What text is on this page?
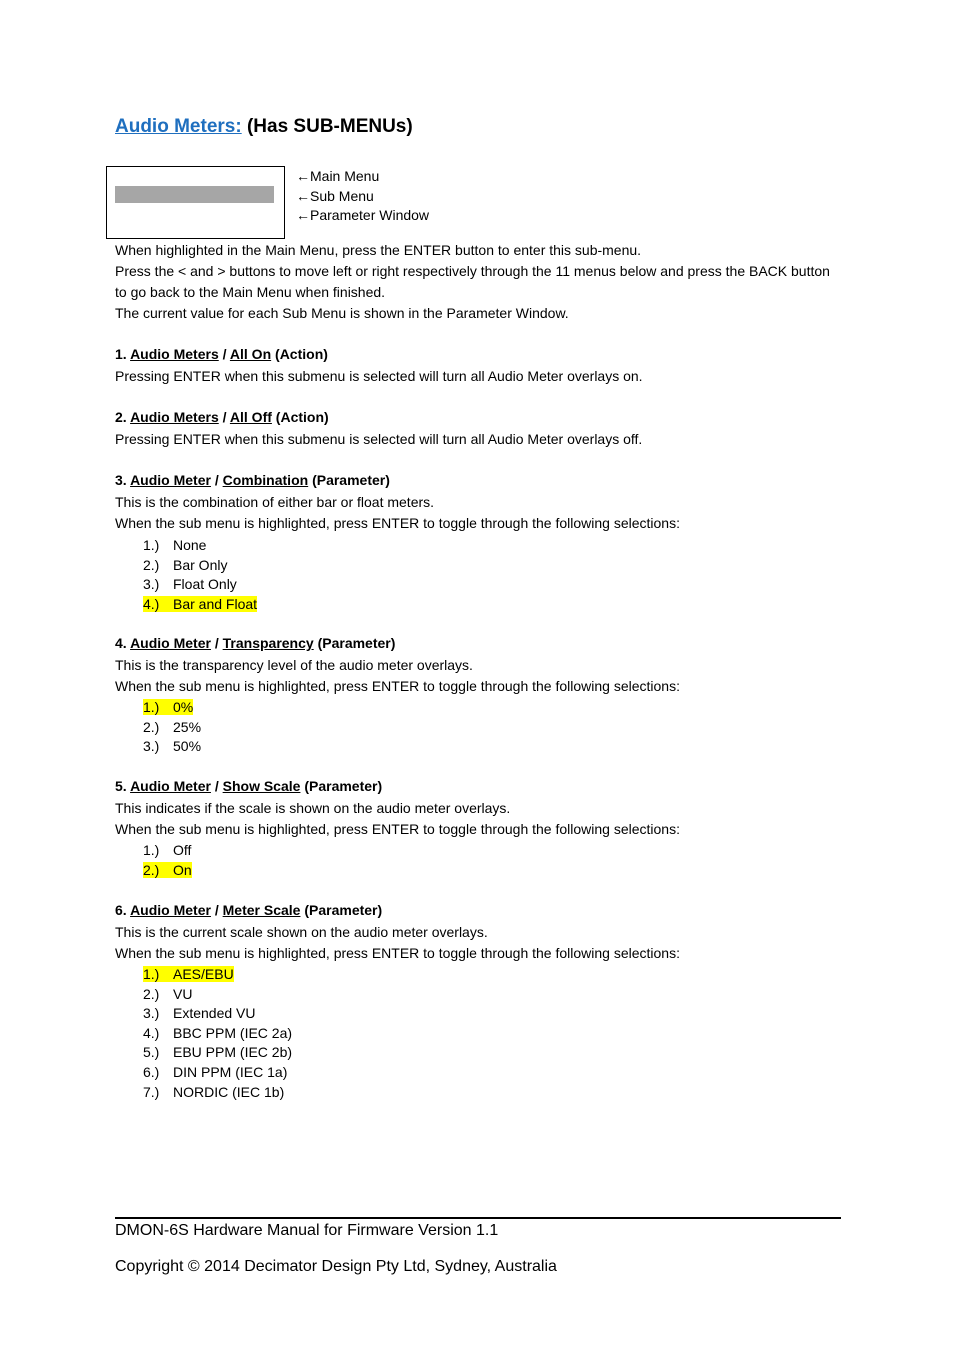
Audio Meters: (Has SUB-MENUs)
←Main Menu
←Sub Menu
←Parameter Window

When highlighted in the Main Menu, press the ENTER button to enter this sub-menu.

Press the < and > buttons to move left or right respectively through the 11 menus below and press the BACK button to go back to the Main Menu when finished.

The current value for each Sub Menu is shown in the Parameter Window.

1. Audio Meters / All On (Action)
Pressing ENTER when this submenu is selected will turn all Audio Meter overlays on.
2. Audio Meters / All Off (Action)
Pressing ENTER when this submenu is selected will turn all Audio Meter overlays off.
3. Audio Meter / Combination (Parameter)
This is the combination of either bar or float meters.
When the sub menu is highlighted, press ENTER to toggle through the following selections:
1.) None
2.) Bar Only
3.) Float Only
4.) Bar and Float
4. Audio Meter / Transparency (Parameter)
This is the transparency level of the audio meter overlays.
When the sub menu is highlighted, press ENTER to toggle through the following selections:
1.) 0%
2.) 25%
3.) 50%
5. Audio Meter / Show Scale (Parameter)
This indicates if the scale is shown on the audio meter overlays.
When the sub menu is highlighted, press ENTER to toggle through the following selections:
1.) Off
2.) On
6. Audio Meter / Meter Scale (Parameter)
This is the current scale shown on the audio meter overlays.
When the sub menu is highlighted, press ENTER to toggle through the following selections:
1.) AES/EBU
2.) VU
3.) Extended VU
4.) BBC PPM (IEC 2a)
5.) EBU PPM (IEC 2b)
6.) DIN PPM (IEC 1a)
7.) NORDIC (IEC 1b)
DMON-6S Hardware Manual for Firmware Version 1.1
Copyright © 2014 Decimator Design Pty Ltd, Sydney, Australia
